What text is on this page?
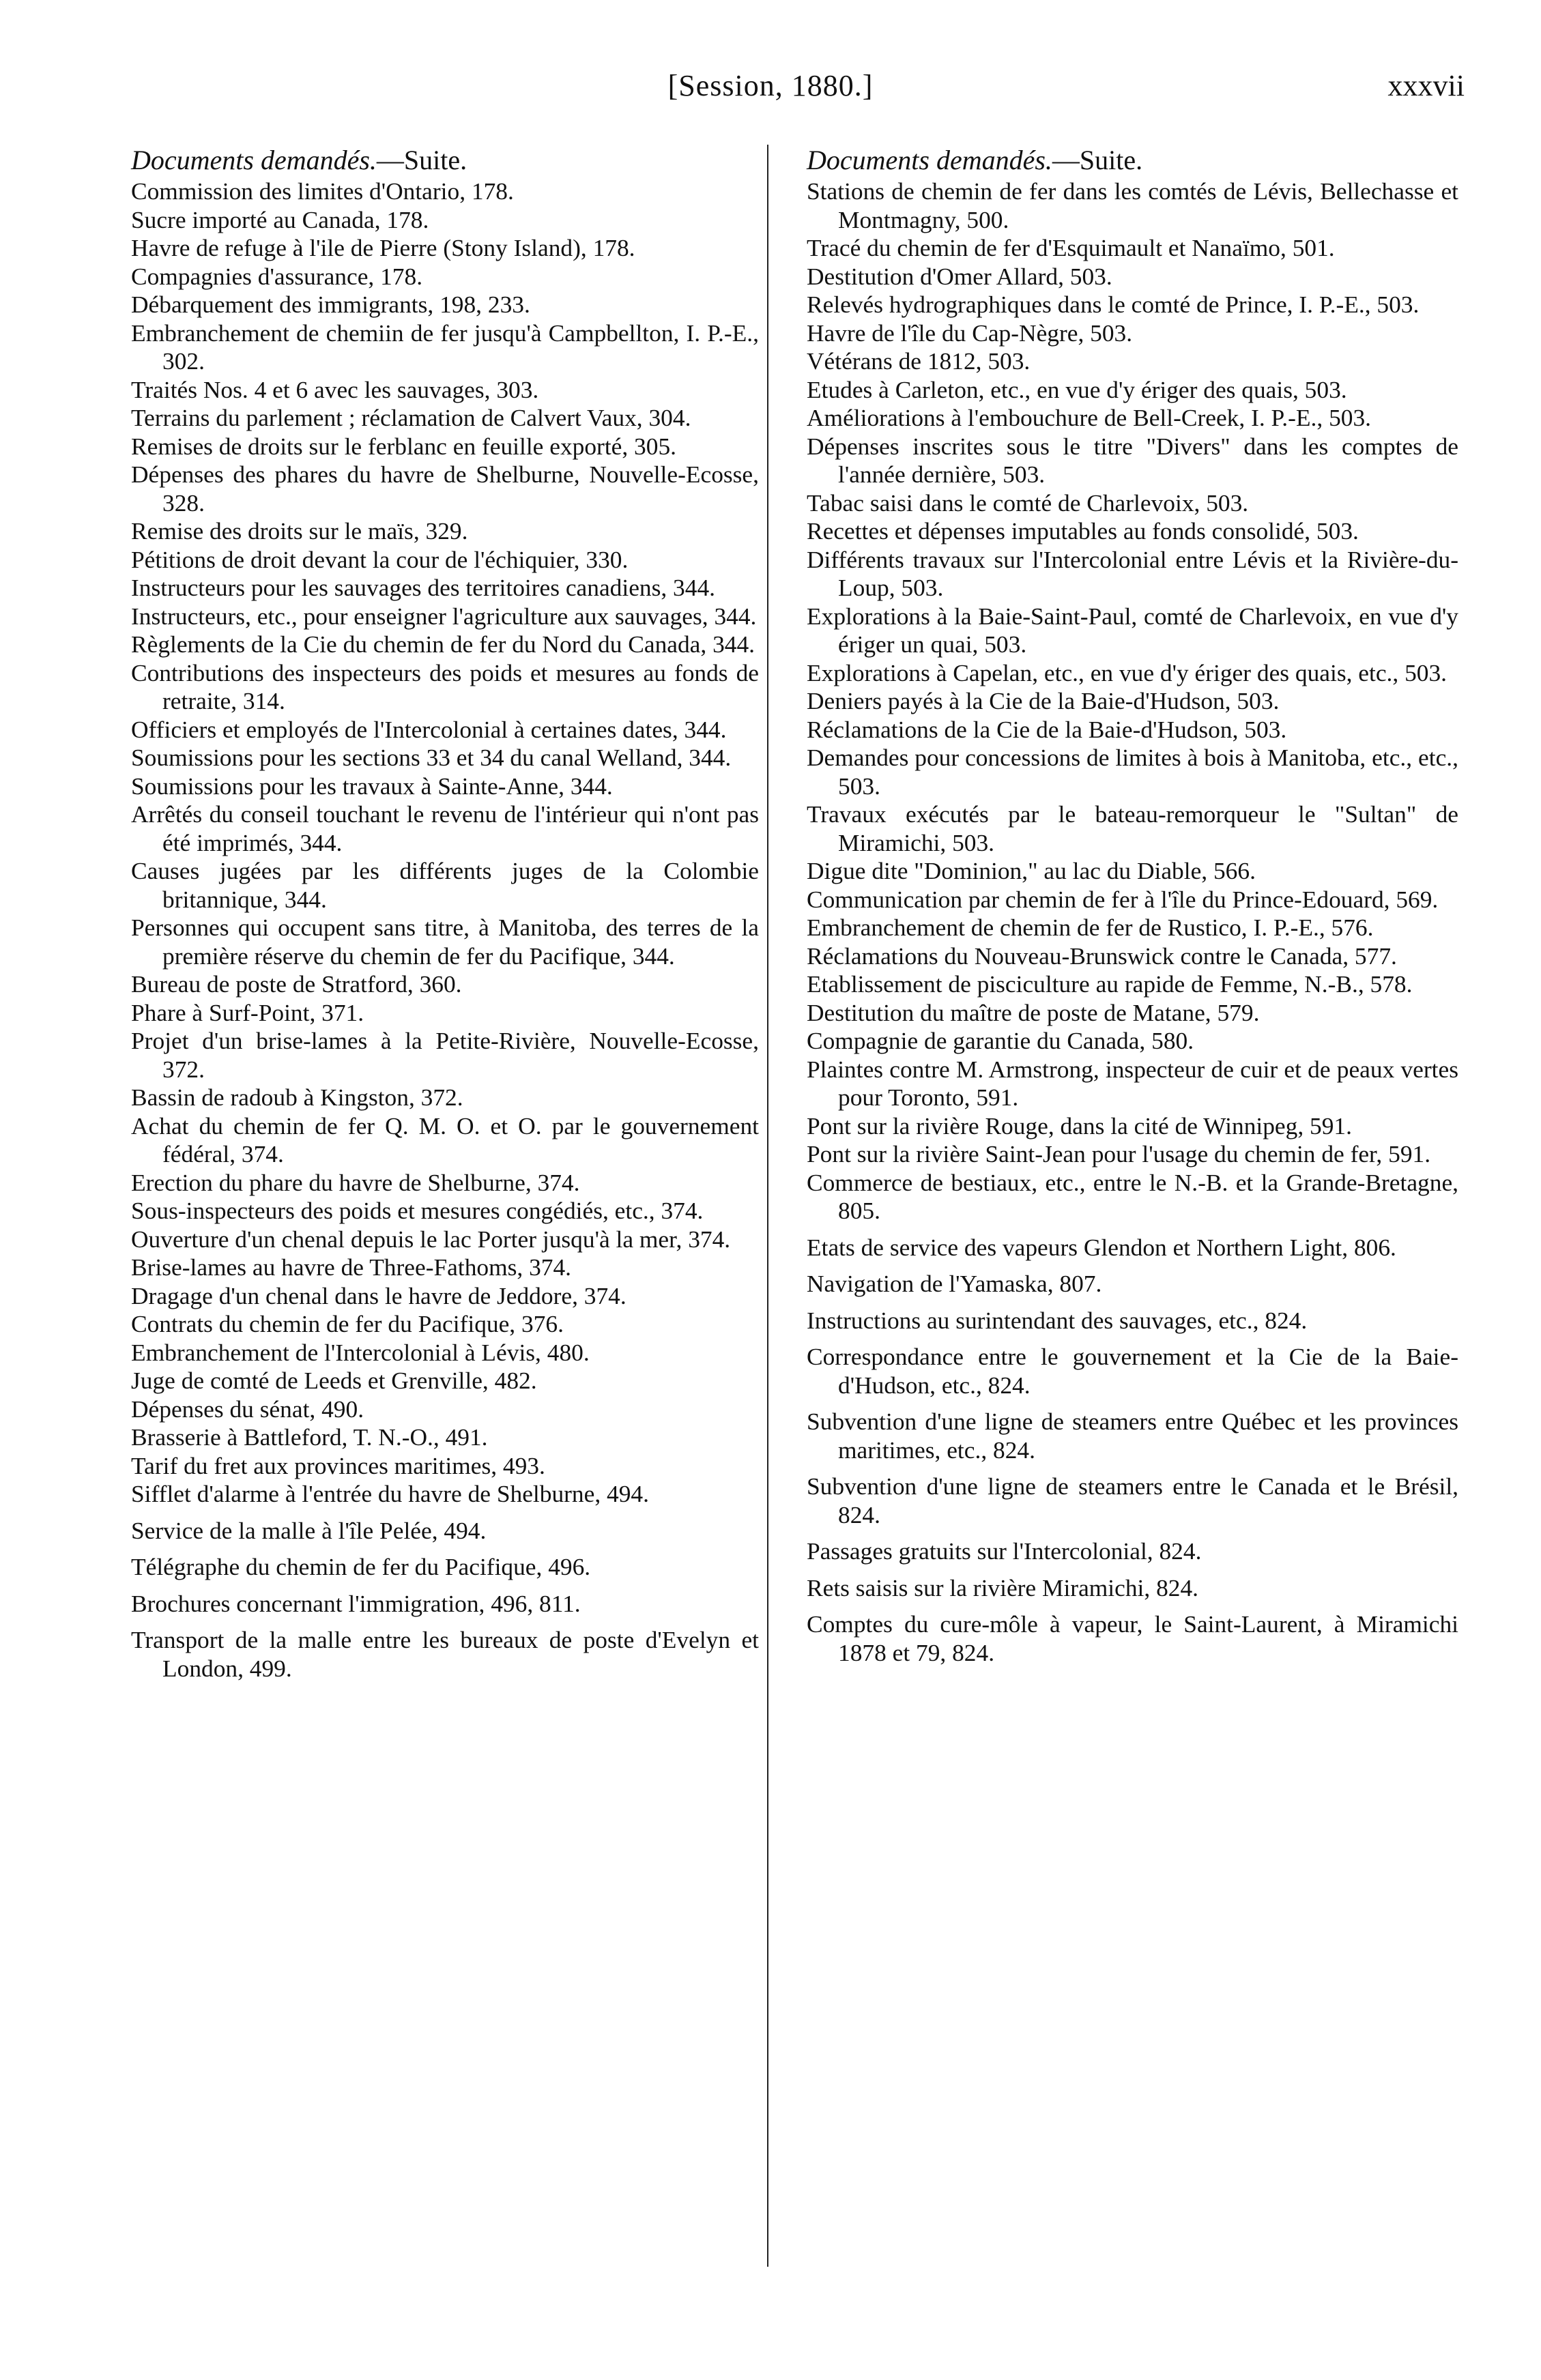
[Session, 1880.]	xxxvii
Documents demandés.—Suite.

Commission des limites d'Ontario, 178.

Sucre importé au Canada, 178.

Havre de refuge à l'ile de Pierre (Stony Island), 178.

Compagnies d'assurance, 178.

Débarquement des immigrants, 198, 233.

Embranchement de chemiin de fer jusqu'à Campbellton, I. P.-E., 302.

Traités Nos. 4 et 6 avec les sauvages, 303.

Terrains du parlement ; réclamation de Calvert Vaux, 304.

Remises de droits sur le ferblanc en feuille exporté, 305.

Dépenses des phares du havre de Shelburne, Nouvelle-Ecosse, 328.

Remise des droits sur le maïs, 329.

Pétitions de droit devant la cour de l'échiquier, 330.

Instructeurs pour les sauvages des territoires canadiens, 344.

Instructeurs, etc., pour enseigner l'agriculture aux sauvages, 344.

Règlements de la Cie du chemin de fer du Nord du Canada, 344.

Contributions des inspecteurs des poids et mesures au fonds de retraite, 314.

Officiers et employés de l'Intercolonial à certaines dates, 344.

Soumissions pour les sections 33 et 34 du canal Welland, 344.

Soumissions pour les travaux à Sainte-Anne, 344.

Arrêtés du conseil touchant le revenu de l'intérieur qui n'ont pas été imprimés, 344.

Causes jugées par les différents juges de la Colombie britannique, 344.

Personnes qui occupent sans titre, à Manitoba, des terres de la première réserve du chemin de fer du Pacifique, 344.

Bureau de poste de Stratford, 360.

Phare à Surf-Point, 371.

Projet d'un brise-lames à la Petite-Rivière, Nouvelle-Ecosse, 372.

Bassin de radoub à Kingston, 372.

Achat du chemin de fer Q. M. O. et O. par le gouvernement fédéral, 374.

Erection du phare du havre de Shelburne, 374.

Sous-inspecteurs des poids et mesures congédiés, etc., 374.

Ouverture d'un chenal depuis le lac Porter jusqu'à la mer, 374.

Brise-lames au havre de Three-Fathoms, 374.

Dragage d'un chenal dans le havre de Jeddore, 374.

Contrats du chemin de fer du Pacifique, 376.

Embranchement de l'Intercolonial à Lévis, 480.

Juge de comté de Leeds et Grenville, 482.

Dépenses du sénat, 490.

Brasserie à Battleford, T. N.-O., 491.

Tarif du fret aux provinces maritimes, 493.

Sifflet d'alarme à l'entrée du havre de Shelburne, 494.

Service de la malle à l'île Pelée, 494.

Télégraphe du chemin de fer du Pacifique, 496.

Brochures concernant l'immigration, 496, 811.

Transport de la malle entre les bureaux de poste d'Evelyn et London, 499.

Documents demandés.—Suite.

Stations de chemin de fer dans les comtés de Lévis, Bellechasse et Montmagny, 500.

Tracé du chemin de fer d'Esquimault et Nanaïmo, 501.

Destitution d'Omer Allard, 503.

Relevés hydrographiques dans le comté de Prince, I. P.-E., 503.

Havre de l'île du Cap-Nègre, 503.

Vétérans de 1812, 503.

Etudes à Carleton, etc., en vue d'y ériger des quais, 503.

Améliorations à l'embouchure de Bell-Creek, I. P.-E., 503.

Dépenses inscrites sous le titre "Divers" dans les comptes de l'année dernière, 503.

Tabac saisi dans le comté de Charlevoix, 503.

Recettes et dépenses imputables au fonds consolidé, 503.

Différents travaux sur l'Intercolonial entre Lévis et la Rivière-du-Loup, 503.

Explorations à la Baie-Saint-Paul, comté de Charlevoix, en vue d'y ériger un quai, 503.

Explorations à Capelan, etc., en vue d'y ériger des quais, etc., 503.

Deniers payés à la Cie de la Baie-d'Hudson, 503.

Réclamations de la Cie de la Baie-d'Hudson, 503.

Demandes pour concessions de limites à bois à Manitoba, etc., etc., 503.

Travaux exécutés par le bateau-remorqueur le "Sultan" de Miramichi, 503.

Digue dite "Dominion," au lac du Diable, 566.

Communication par chemin de fer à l'île du Prince-Edouard, 569.

Embranchement de chemin de fer de Rustico, I. P.-E., 576.

Réclamations du Nouveau-Brunswick contre le Canada, 577.

Etablissement de pisciculture au rapide de Femme, N.-B., 578.

Destitution du maître de poste de Matane, 579.

Compagnie de garantie du Canada, 580.

Plaintes contre M. Armstrong, inspecteur de cuir et de peaux vertes pour Toronto, 591.

Pont sur la rivière Rouge, dans la cité de Winnipeg, 591.

Pont sur la rivière Saint-Jean pour l'usage du chemin de fer, 591.

Commerce de bestiaux, etc., entre le N.-B. et la Grande-Bretagne, 805.

Etats de service des vapeurs Glendon et Northern Light, 806.

Navigation de l'Yamaska, 807.

Instructions au surintendant des sauvages, etc., 824.

Correspondance entre le gouvernement et la Cie de la Baie-d'Hudson, etc., 824.

Subvention d'une ligne de steamers entre Québec et les provinces maritimes, etc., 824.

Subvention d'une ligne de steamers entre le Canada et le Brésil, 824.

Passages gratuits sur l'Intercolonial, 824.

Rets saisis sur la rivière Miramichi, 824.

Comptes du cure-môle à vapeur, le Saint-Laurent, à Miramichi 1878 et 79, 824.
